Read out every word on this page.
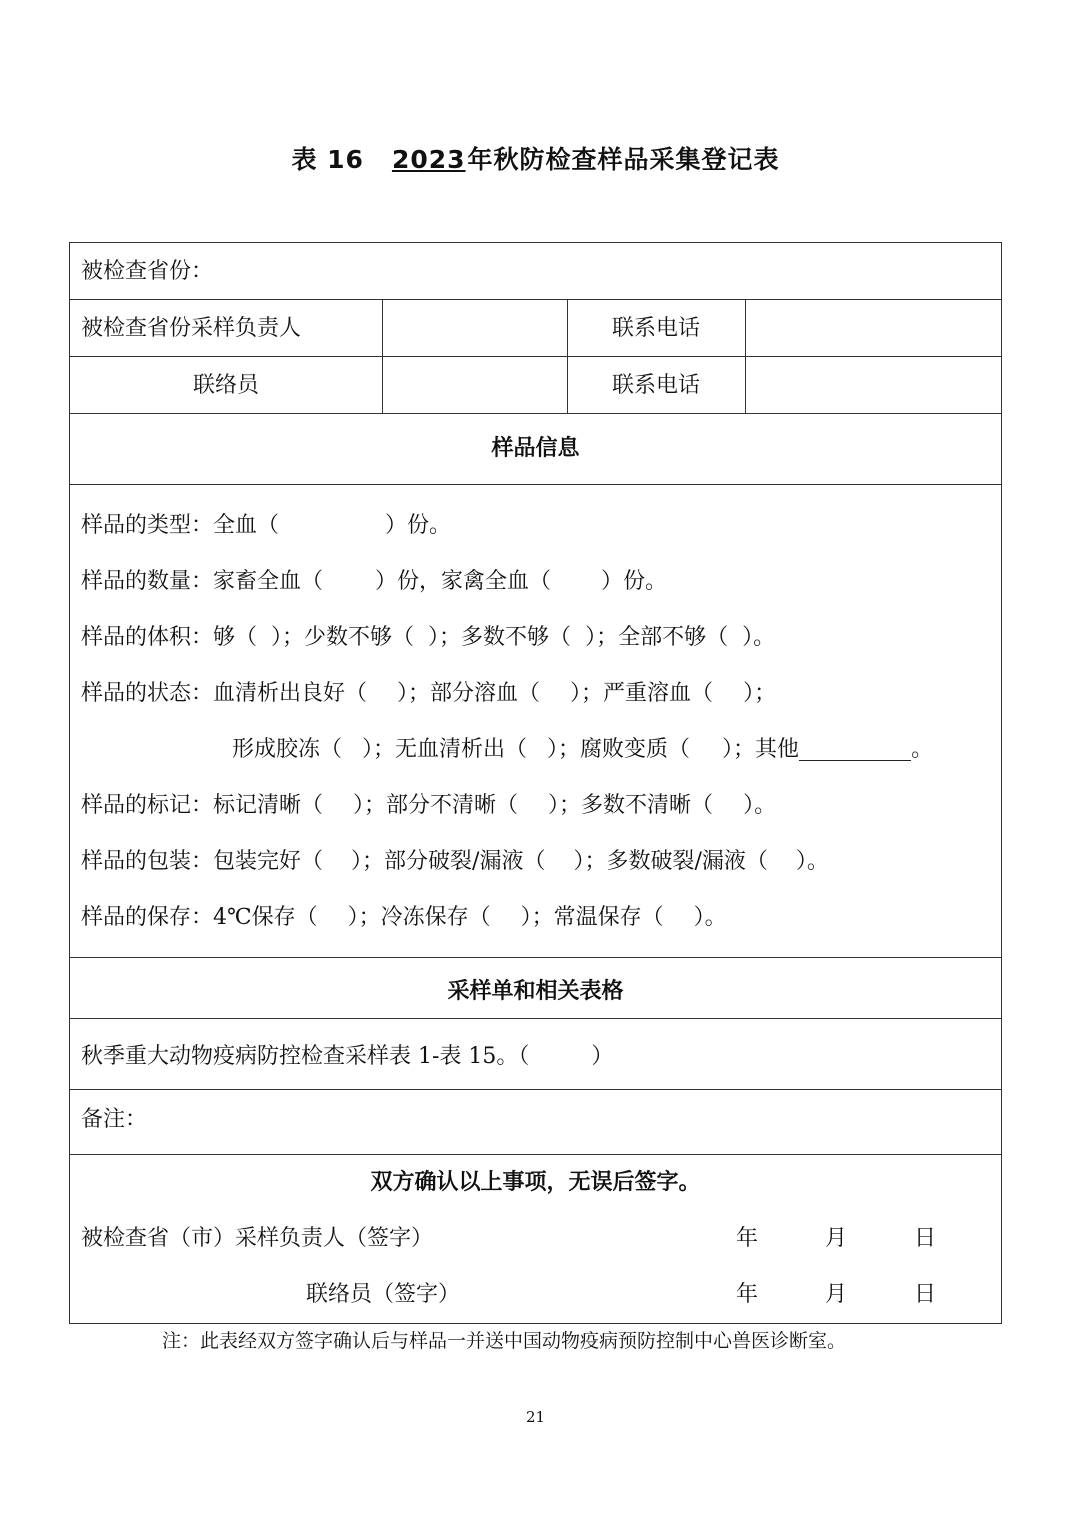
表 16 2023年秋防检查样品采集登记表
被检查省份：
被检查省份采样负责人	联系电话
联络员	联系电话
样品信息
样品的类型：全血（	）份。
样品的数量：家畜全血（ ）份，家禽全血（ ）份。
样品的体积：够（ ）；少数不够（ ）；多数不够（ ）；全部不够（ ）。
样品的状态：血清析出良好（ ）；部分溶血（ ）；严重溶血（ ）；
形成胶冻（ ）；无血清析出（ ）；腐败变质（ ）；其他	。
样品的标记：标记清晰（ ）；部分不清晰（ ）；多数不清晰（ ）。
样品的包装：包装完好（ ）；部分破裂/漏液（ ）；多数破裂/漏液（ ）。
样品的保存：4℃保存（ ）；冷冻保存（ ）；常温保存（ ）。
采样单和相关表格
秋季重大动物疫病防控检查采样表 1-表 15。（	）
备注：
双方确认以上事项，无误后签字。
被检查省（市）采样负责人（签字）	年	月	日
联络员（签字）	年	月	日
注：此表经双方签字确认后与样品一并送中国动物疫病预防控制中心兽医诊断室。
21
